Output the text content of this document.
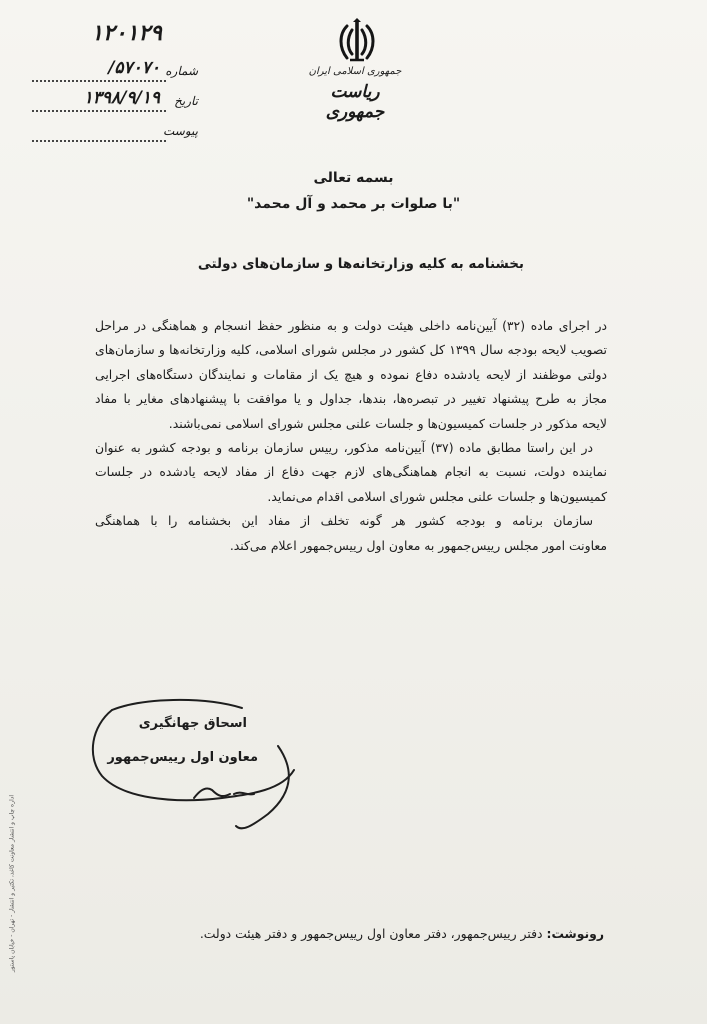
جمهوری اسلامی ایران
ریاست جمهوری
۱۲۰۱۲۹
شماره
۵۷۰۷۰/
تاریخ
۱۳۹۸/۹/۱۹
پیوست
بسمه تعالی
"با صلوات بر محمد و آل محمد"
بخشنامه به کلیه وزارتخانه‌ها و سازمان‌های دولتی
در اجرای ماده (۳۲) آیین‌نامه داخلی هیئت دولت و به منظور حفظ انسجام و هماهنگی در مراحل
تصویب لایحه بودجه سال ۱۳۹۹ کل کشور در مجلس شورای اسلامی، کلیه وزارتخانه‌ها و سازمان‌های
دولتی موظفند از لایحه یادشده دفاع نموده و هیچ یک از مقامات و نمایندگان دستگاه‌های اجرایی
مجاز به طرح پیشنهاد تغییر در تبصره‌ها، بندها، جداول و یا موافقت با پیشنهادهای مغایر با مفاد
لایحه مذکور در جلسات کمیسیون‌ها و جلسات علنی مجلس شورای اسلامی نمی‌باشند.
در این راستا مطابق ماده (۳۷) آیین‌نامه مذکور، رییس سازمان برنامه و بودجه کشور به عنوان
نماینده دولت، نسبت به انجام هماهنگی‌های لازم جهت دفاع از مفاد لایحه یادشده در جلسات
کمیسیون‌ها و جلسات علنی مجلس شورای اسلامی اقدام می‌نماید.
سازمان برنامه و بودجه کشور هر گونه تخلف از مفاد این بخشنامه را با هماهنگی
معاونت امور مجلس رییس‌جمهور به معاون اول رییس‌جمهور اعلام می‌کند.
اسحاق جهانگیری
معاون اول رییس‌جمهور
رونوشت: دفتر رییس‌جمهور، دفتر معاون اول رییس‌جمهور و دفتر هیئت دولت.
اداره چاپ و انتشار معاونت کاغذ، تکثیر و انتشار - تهران - خیابان پاستور
